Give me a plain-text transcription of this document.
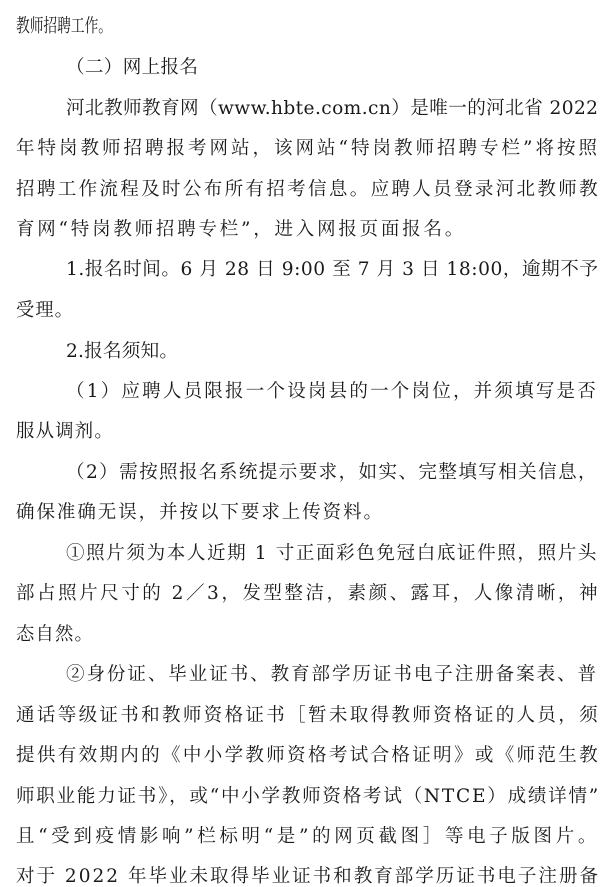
教师招聘工作。
（二）网上报名
河北教师教育网（www.hbte.com.cn）是唯一的河北省 2022
年特岗教师招聘报考网站，该网站“特岗教师招聘专栏”将按照
招聘工作流程及时公布所有招考信息。应聘人员登录河北教师教
育网“特岗教师招聘专栏”，进入网报页面报名。
1.报名时间。6 月 28 日 9:00 至 7 月 3 日 18:00，逾期不予
受理。
2.报名须知。
（1）应聘人员限报一个设岗县的一个岗位，并须填写是否
服从调剂。
（2）需按照报名系统提示要求，如实、完整填写相关信息，
确保准确无误，并按以下要求上传资料。
①照片须为本人近期 1 寸正面彩色免冠白底证件照，照片头
部占照片尺寸的 2／3，发型整洁，素颜、露耳，人像清晰，神
态自然。
②身份证、毕业证书、教育部学历证书电子注册备案表、普
通话等级证书和教师资格证书［暂未取得教师资格证的人员，须
提供有效期内的《中小学教师资格考试合格证明》或《师范生教
师职业能力证书》，或“中小学教师资格考试（NTCE）成绩详情”
且“受到疫情影响”栏标明“是”的网页截图］等电子版图片。
对于 2022 年毕业未取得毕业证书和教育部学历证书电子注册备
